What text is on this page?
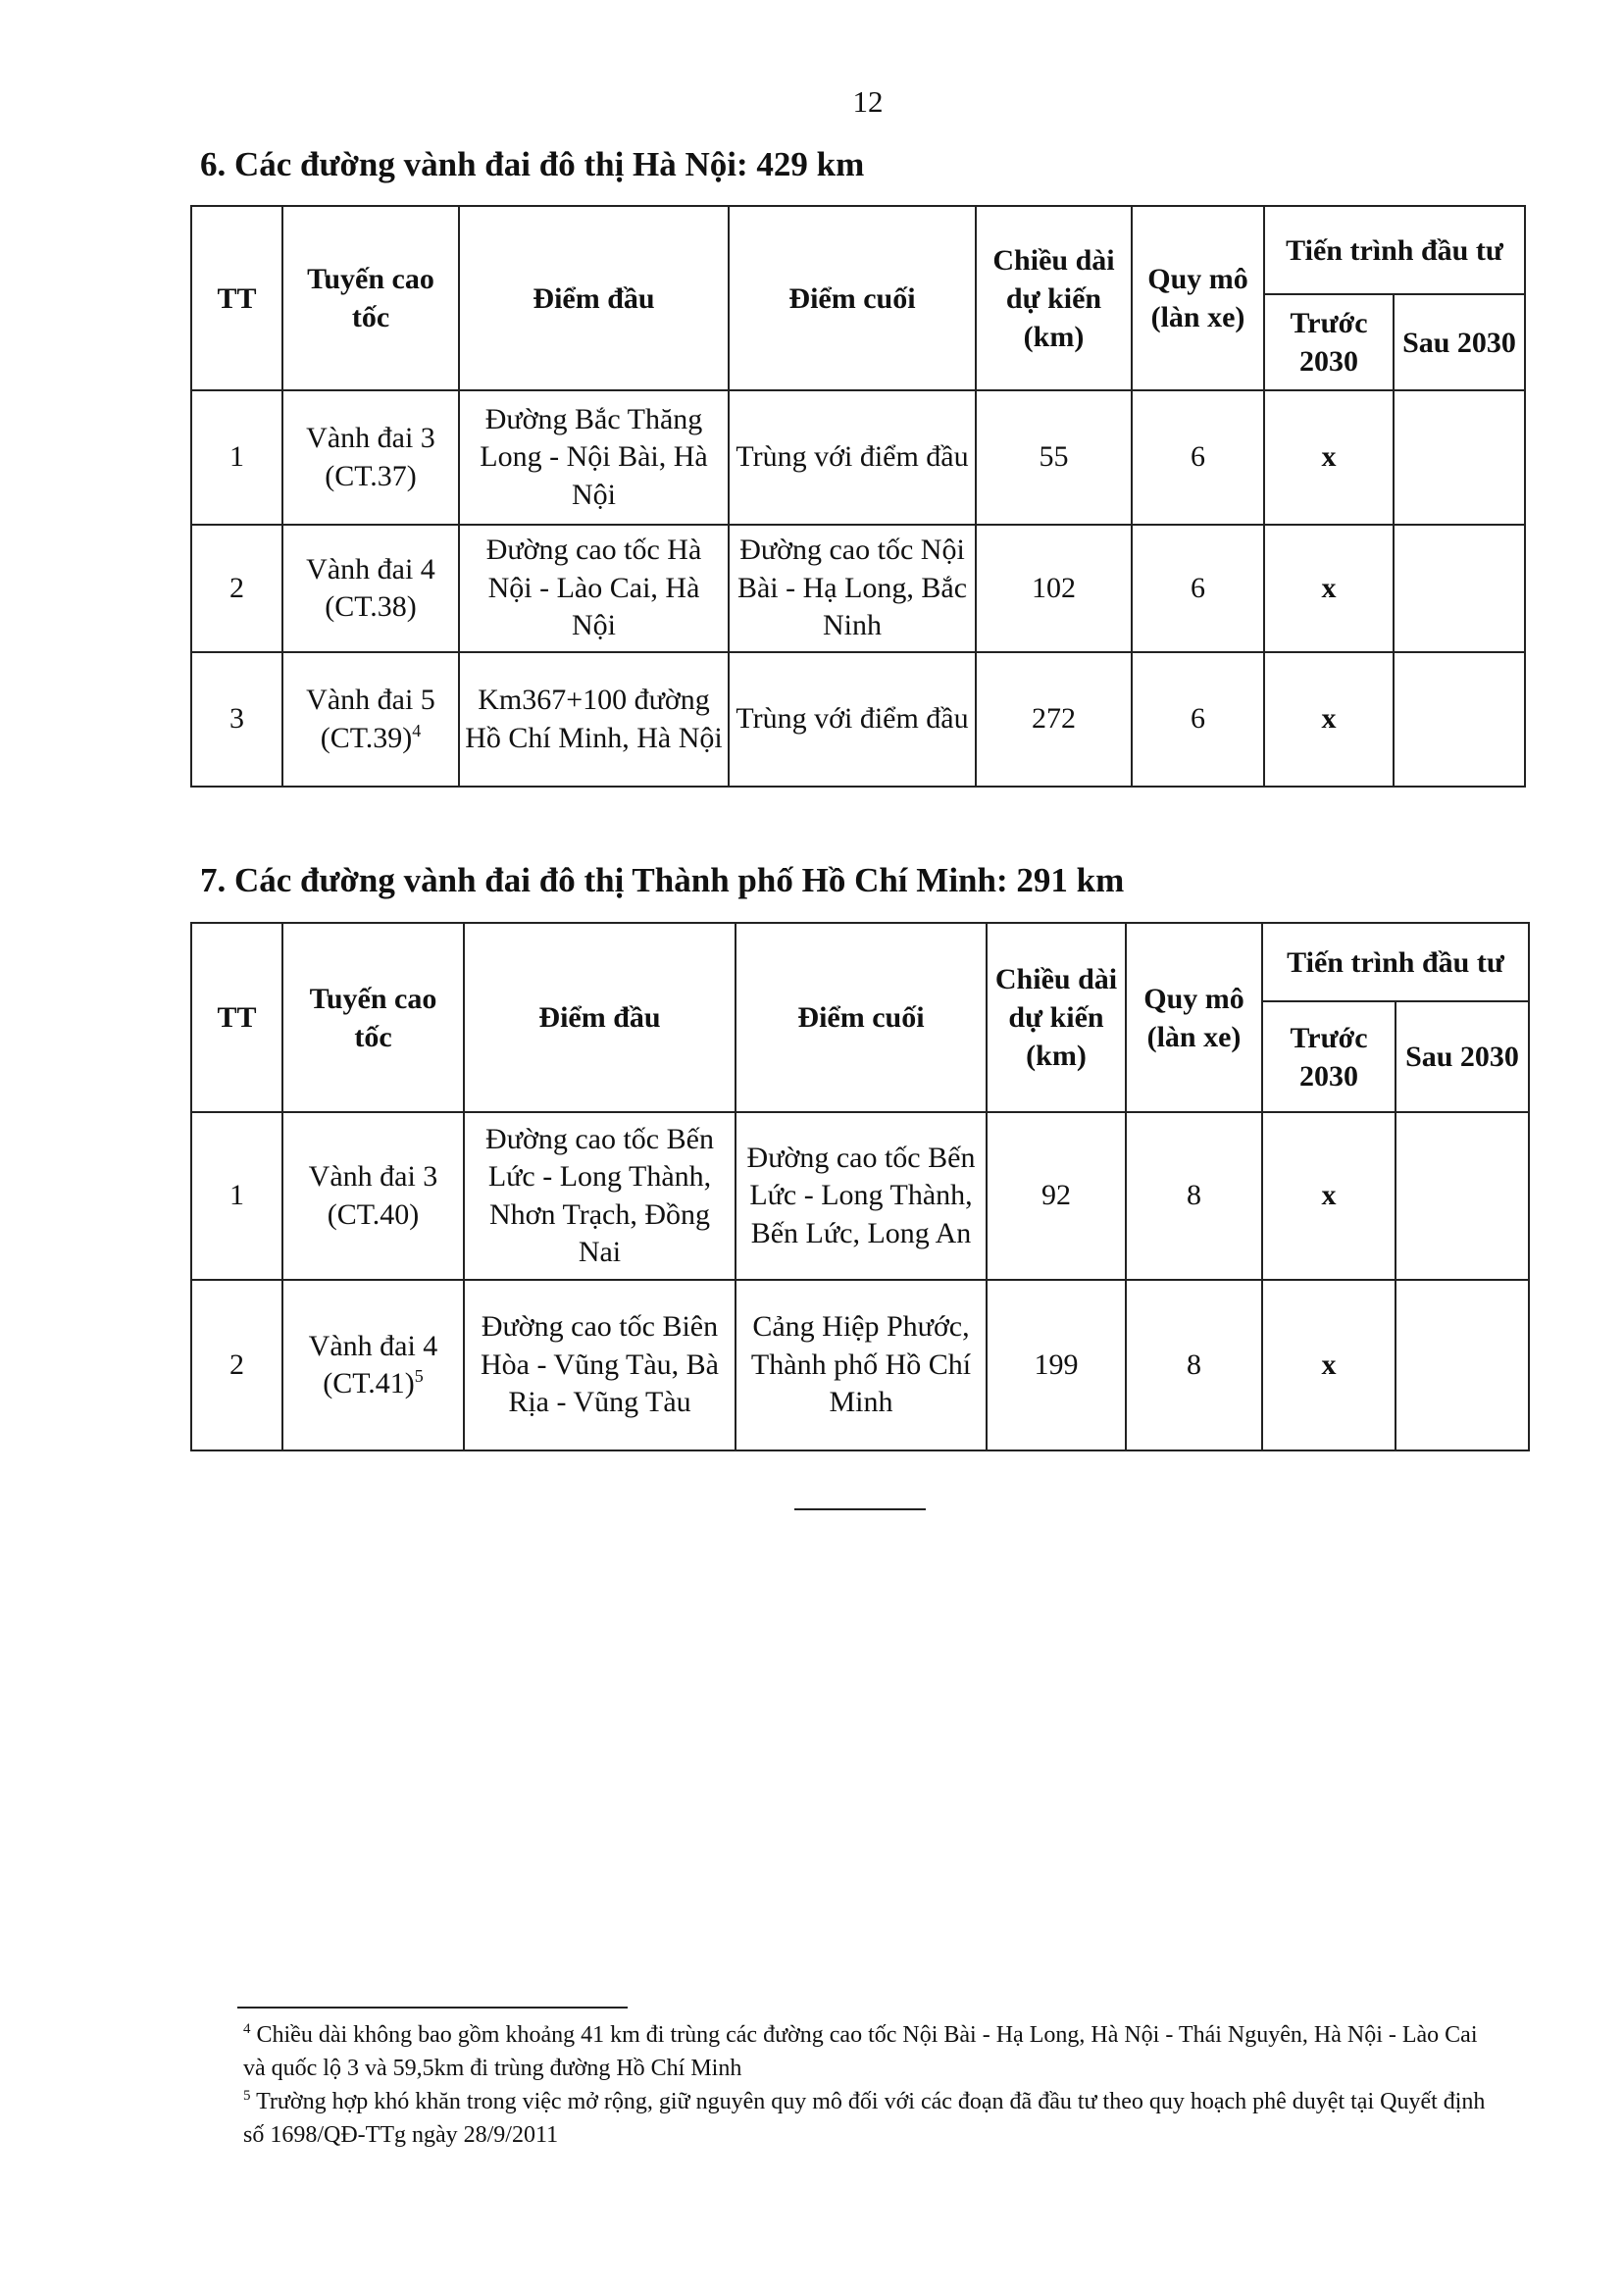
12
6. Các đường vành đai đô thị Hà Nội: 429 km
TT	Tuyến cao tốc	Điểm đầu	Điểm cuối	Chiều dài dự kiến (km)	Quy mô (làn xe)	Tiến trình đầu tư	
						Trước 2030	Sau 2030
1	Vành đai 3 (CT.37)	Đường Bắc Thăng Long - Nội Bài, Hà Nội	Trùng với điểm đầu	55	6	x	
2	Vành đai 4 (CT.38)	Đường cao tốc Hà Nội - Lào Cai, Hà Nội	Đường cao tốc Nội Bài - Hạ Long, Bắc Ninh	102	6	x	
3	Vành đai 5 $(CT.39)^4$	Km367+100 đường Hồ Chí Minh, Hà Nội	Trùng với điểm đầu	272	6	x	
7. Các đường vành đai đô thị Thành phố Hồ Chí Minh: 291 km
TT	Tuyến cao tốc	Điểm đầu	Điểm cuối	Chiều dài dự kiến (km)	Quy mô (làn xe)	Tiến trình đầu tư	
						Trước 2030	Sau 2030
1	Vành đai 3 (CT.40)	Đường cao tốc Bến Lức - Long Thành, Nhơn Trạch, Đồng Nai	Đường cao tốc Bến Lức - Long Thành, Bến Lức, Long An	92	8	x	
2	Vành đai 4 $(CT.41)^5$	Đường cao tốc Biên Hòa - Vũng Tàu, Bà Rịa - Vũng Tàu	Cảng Hiệp Phước, Thành phố Hồ Chí Minh	199	8	x	

$^4$ Chiều dài không bao gồm khoảng 41 km đi trùng các đường cao tốc Nội Bài - Hạ Long, Hà Nội - Thái Nguyên, Hà Nội - Lào Cai và quốc lộ 3 và 59,5km đi trùng đường Hồ Chí Minh

$^5$ Trường hợp khó khăn trong việc mở rộng, giữ nguyên quy mô đối với các đoạn đã đầu tư theo quy hoạch phê duyệt tại Quyết định số 1698/QĐ-TTg ngày 28/9/2011
